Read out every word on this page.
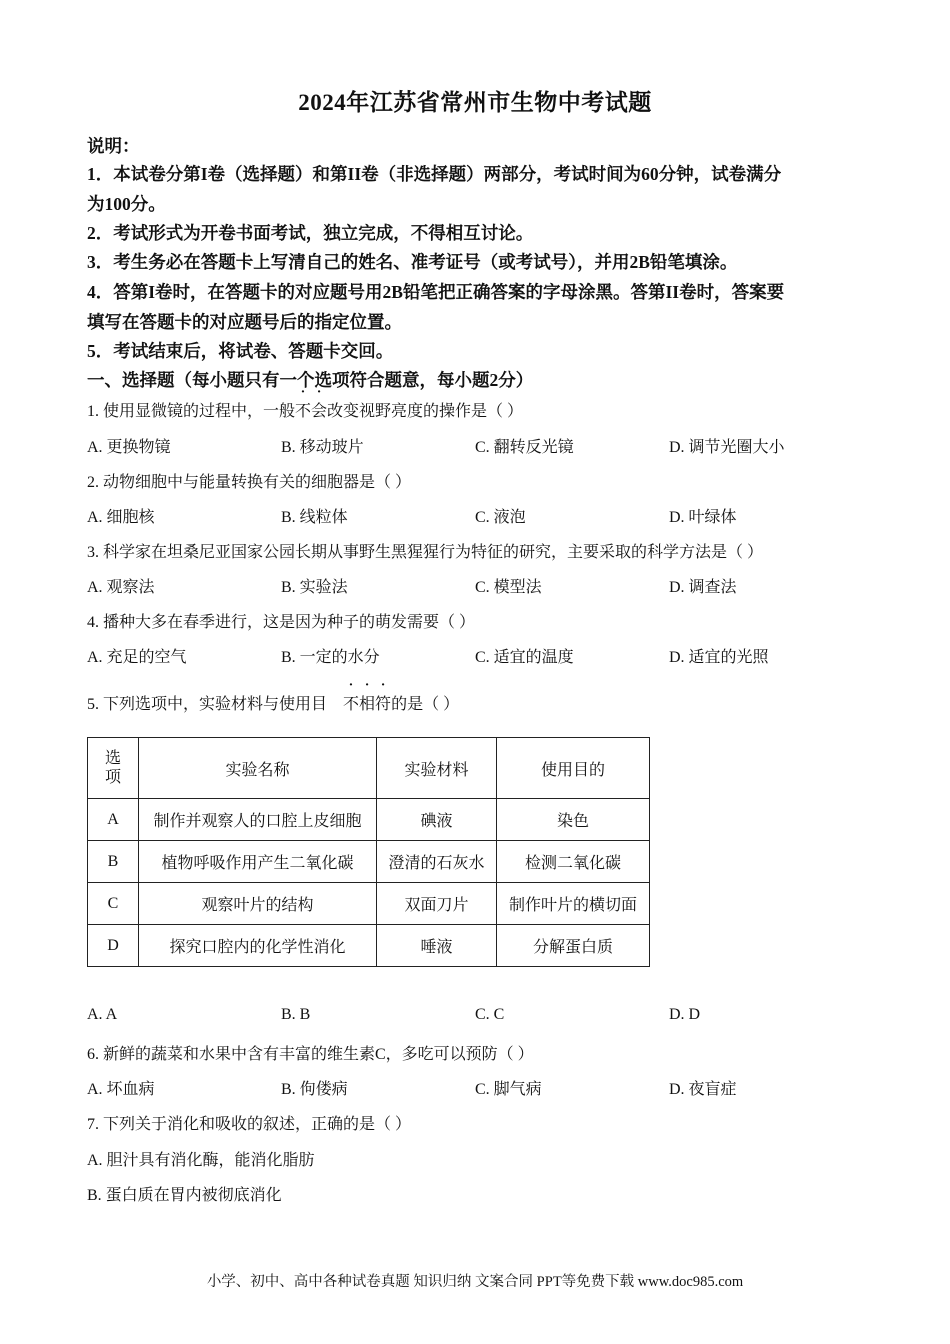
2024年江苏省常州市生物中考试题
说明：
1．本试卷分第I卷（选择题）和第II卷（非选择题）两部分，考试时间为60分钟，试卷满分
为100分。
2．考试形式为开卷书面考试，独立完成，不得相互讨论。
3．考生务必在答题卡上写清自己的姓名、准考证号（或考试号），并用2B铅笔填涂。
4．答第I卷时，在答题卡的对应题号用2B铅笔把正确答案的字母涂黑。答第II卷时，答案要
填写在答题卡的对应题号后的指定位置。
5．考试结束后，将试卷、答题卡交回。
一、选择题（每小题只有一个选项符合题意，每小题2分）
1. 使用显微镜的过程中，一般不会改变视野亮度的操作是（ ）
A. 更换物镜	B. 移动玻片	C. 翻转反光镜	D. 调节光圈大小
2. 动物细胞中与能量转换有关的细胞器是（ ）
A. 细胞核	B. 线粒体	C. 液泡	D. 叶绿体
3. 科学家在坦桑尼亚国家公园长期从事野生黑猩猩行为特征的研究，主要采取的科学方法是（ ）
A. 观察法	B. 实验法	C. 模型法	D. 调查法
4. 播种大多在春季进行，这是因为种子的萌发需要（ ）
A. 充足的空气	B. 一定的水分	C. 适宜的温度	D. 适宜的光照
5. 下列选项中，实验材料与使用目 不相符的是（ ）
选项	实验名称	实验材料	使用目的
A	制作并观察人的口腔上皮细胞	碘液	染色
B	植物呼吸作用产生二氧化碳	澄清的石灰水	检测二氧化碳
C	观察叶片的结构	双面刀片	制作叶片的横切面
D	探究口腔内的化学性消化	唾液	分解蛋白质
A. A	B. B	C. C	D. D
6. 新鲜的蔬菜和水果中含有丰富的维生素C，多吃可以预防（ ）
A. 坏血病	B. 佝偻病	C. 脚气病	D. 夜盲症
7. 下列关于消化和吸收的叙述，正确的是（ ）
A. 胆汁具有消化酶，能消化脂肪
B. 蛋白质在胃内被彻底消化
小学、初中、高中各种试卷真题 知识归纳 文案合同 PPT等免费下载 www.doc985.com
